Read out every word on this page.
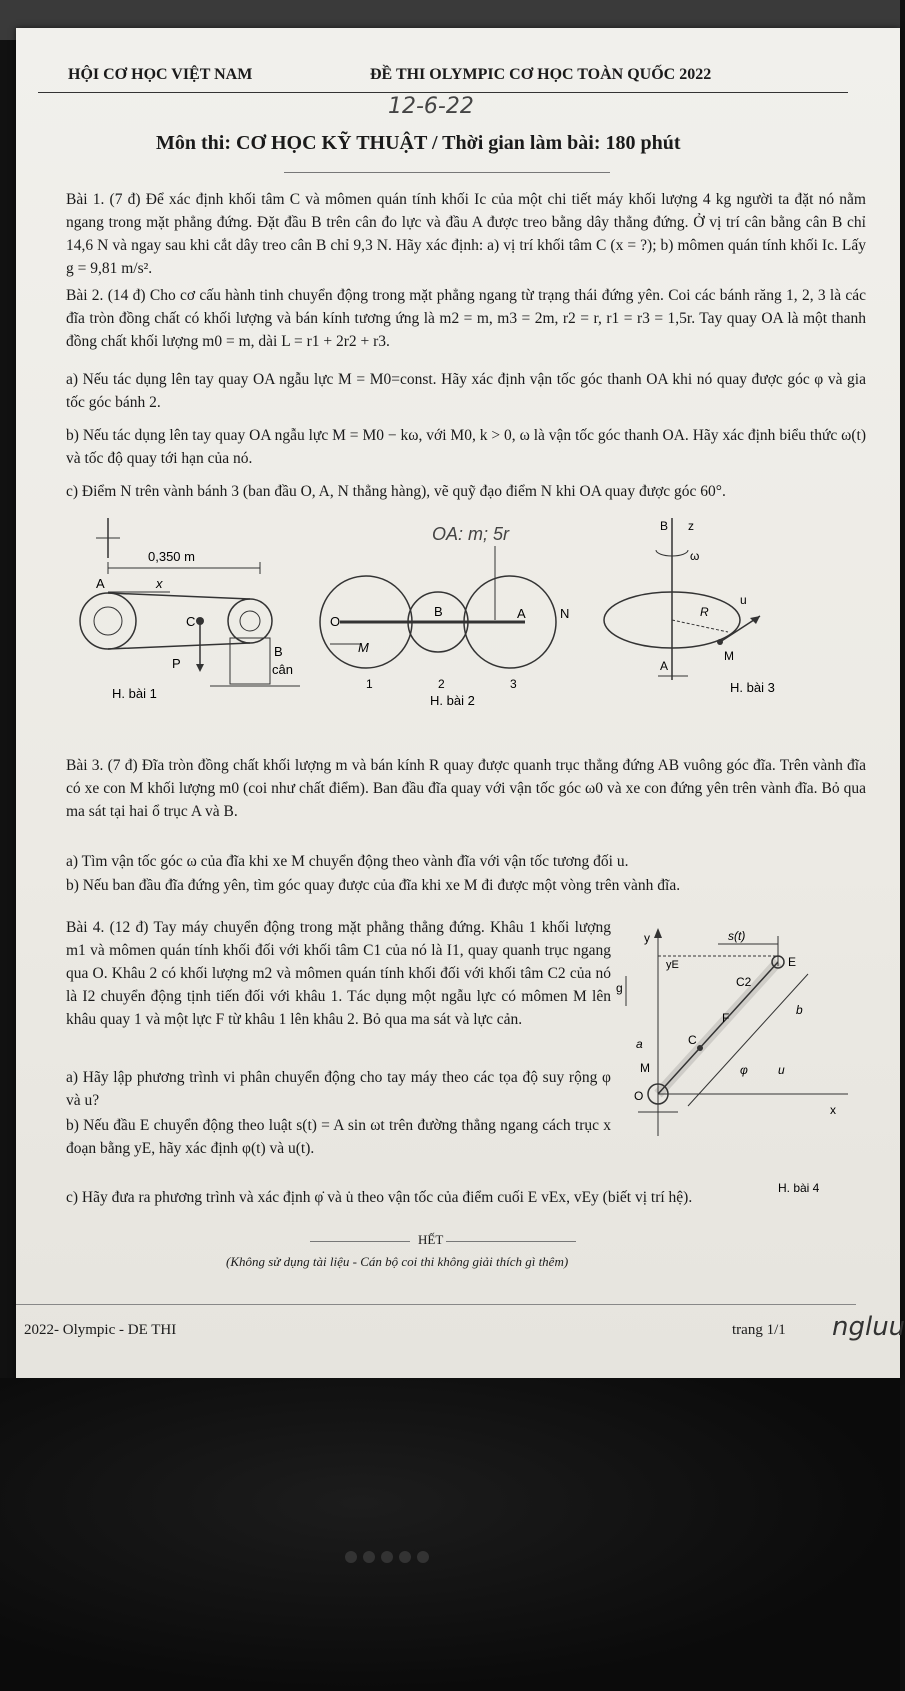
HỘI CƠ HỌC VIỆT NAM	ĐỀ THI OLYMPIC CƠ HỌC TOÀN QUỐC 2022
12-6-22
Môn thi: CƠ HỌC KỸ THUẬT / Thời gian làm bài: 180 phút
Bài 1. (7 đ) Để xác định khối tâm C và mômen quán tính khối Ic của một chi tiết máy khối lượng 4 kg người ta đặt nó nằm ngang trong mặt phẳng đứng. Đặt đầu B trên cân đo lực và đầu A được treo bằng dây thẳng đứng. Ở vị trí cân bằng cân B chỉ 14,6 N và ngay sau khi cắt dây treo cân B chỉ 9,3 N. Hãy xác định: a) vị trí khối tâm C (x = ?); b) mômen quán tính khối Ic. Lấy g = 9,81 m/s².
Bài 2. (14 đ) Cho cơ cấu hành tinh chuyển động trong mặt phẳng ngang từ trạng thái đứng yên. Coi các bánh răng 1, 2, 3 là các đĩa tròn đồng chất có khối lượng và bán kính tương ứng là m2 = m, m3 = 2m, r2 = r, r1 = r3 = 1,5r. Tay quay OA là một thanh đồng chất khối lượng m0 = m, dài L = r1 + 2r2 + r3.
a) Nếu tác dụng lên tay quay OA ngẫu lực M = M0=const. Hãy xác định vận tốc góc thanh OA khi nó quay được góc φ và gia tốc góc bánh 2.
b) Nếu tác dụng lên tay quay OA ngẫu lực M = M0 − kω, với M0, k > 0, ω là vận tốc góc thanh OA. Hãy xác định biểu thức ω(t) và tốc độ quay tới hạn của nó.
c) Điểm N trên vành bánh 3 (ban đầu O, A, N thẳng hàng), vẽ quỹ đạo điểm N khi OA quay được góc 60°.
0,350 m
A	x
C
P
B
cân
H. bài 1
OA: m; 5r
O
B	A	N
M
1	2	3
H. bài 2
B z
ω
u
R
M
A
H. bài 3
Bài 3. (7 đ) Đĩa tròn đồng chất khối lượng m và bán kính R quay được quanh trục thẳng đứng AB vuông góc đĩa. Trên vành đĩa có xe con M khối lượng m0 (coi như chất điểm). Ban đầu đĩa quay với vận tốc góc ω0 và xe con đứng yên trên vành đĩa. Bỏ qua ma sát tại hai ổ trục A và B.
a) Tìm vận tốc góc ω của đĩa khi xe M chuyển động theo vành đĩa với vận tốc tương đối u.
b) Nếu ban đầu đĩa đứng yên, tìm góc quay được của đĩa khi xe M đi được một vòng trên vành đĩa.
Bài 4. (12 đ) Tay máy chuyển động trong mặt phẳng thẳng đứng. Khâu 1 khối lượng m1 và mômen quán tính khối đối với khối tâm C1 của nó là I1, quay quanh trục ngang qua O. Khâu 2 có khối lượng m2 và mômen quán tính khối đối với khối tâm C2 của nó là I2 chuyển động tịnh tiến đối với khâu 1. Tác dụng một ngẫu lực có mômen M lên khâu quay 1 và một lực F từ khâu 1 lên khâu 2. Bỏ qua ma sát và lực cản.
a) Hãy lập phương trình vi phân chuyển động cho tay máy theo các tọa độ suy rộng φ và u?
b) Nếu đầu E chuyển động theo luật s(t) = A sin ωt trên đường thẳng ngang cách trục x đoạn bằng yE, hãy xác định φ(t) và u(t).
c) Hãy đưa ra phương trình và xác định φ̇ và u̇ theo vận tốc của điểm cuối E vEx, vEy (biết vị trí hệ).
y	s(t)
g
yE	E
C2
b
F
a	C
M	φ	u
O
x
H. bài 4
HẾT
(Không sử dụng tài liệu - Cán bộ coi thi không giải thích gì thêm)
2022- Olympic - DE THI	trang 1/1 ngluu
